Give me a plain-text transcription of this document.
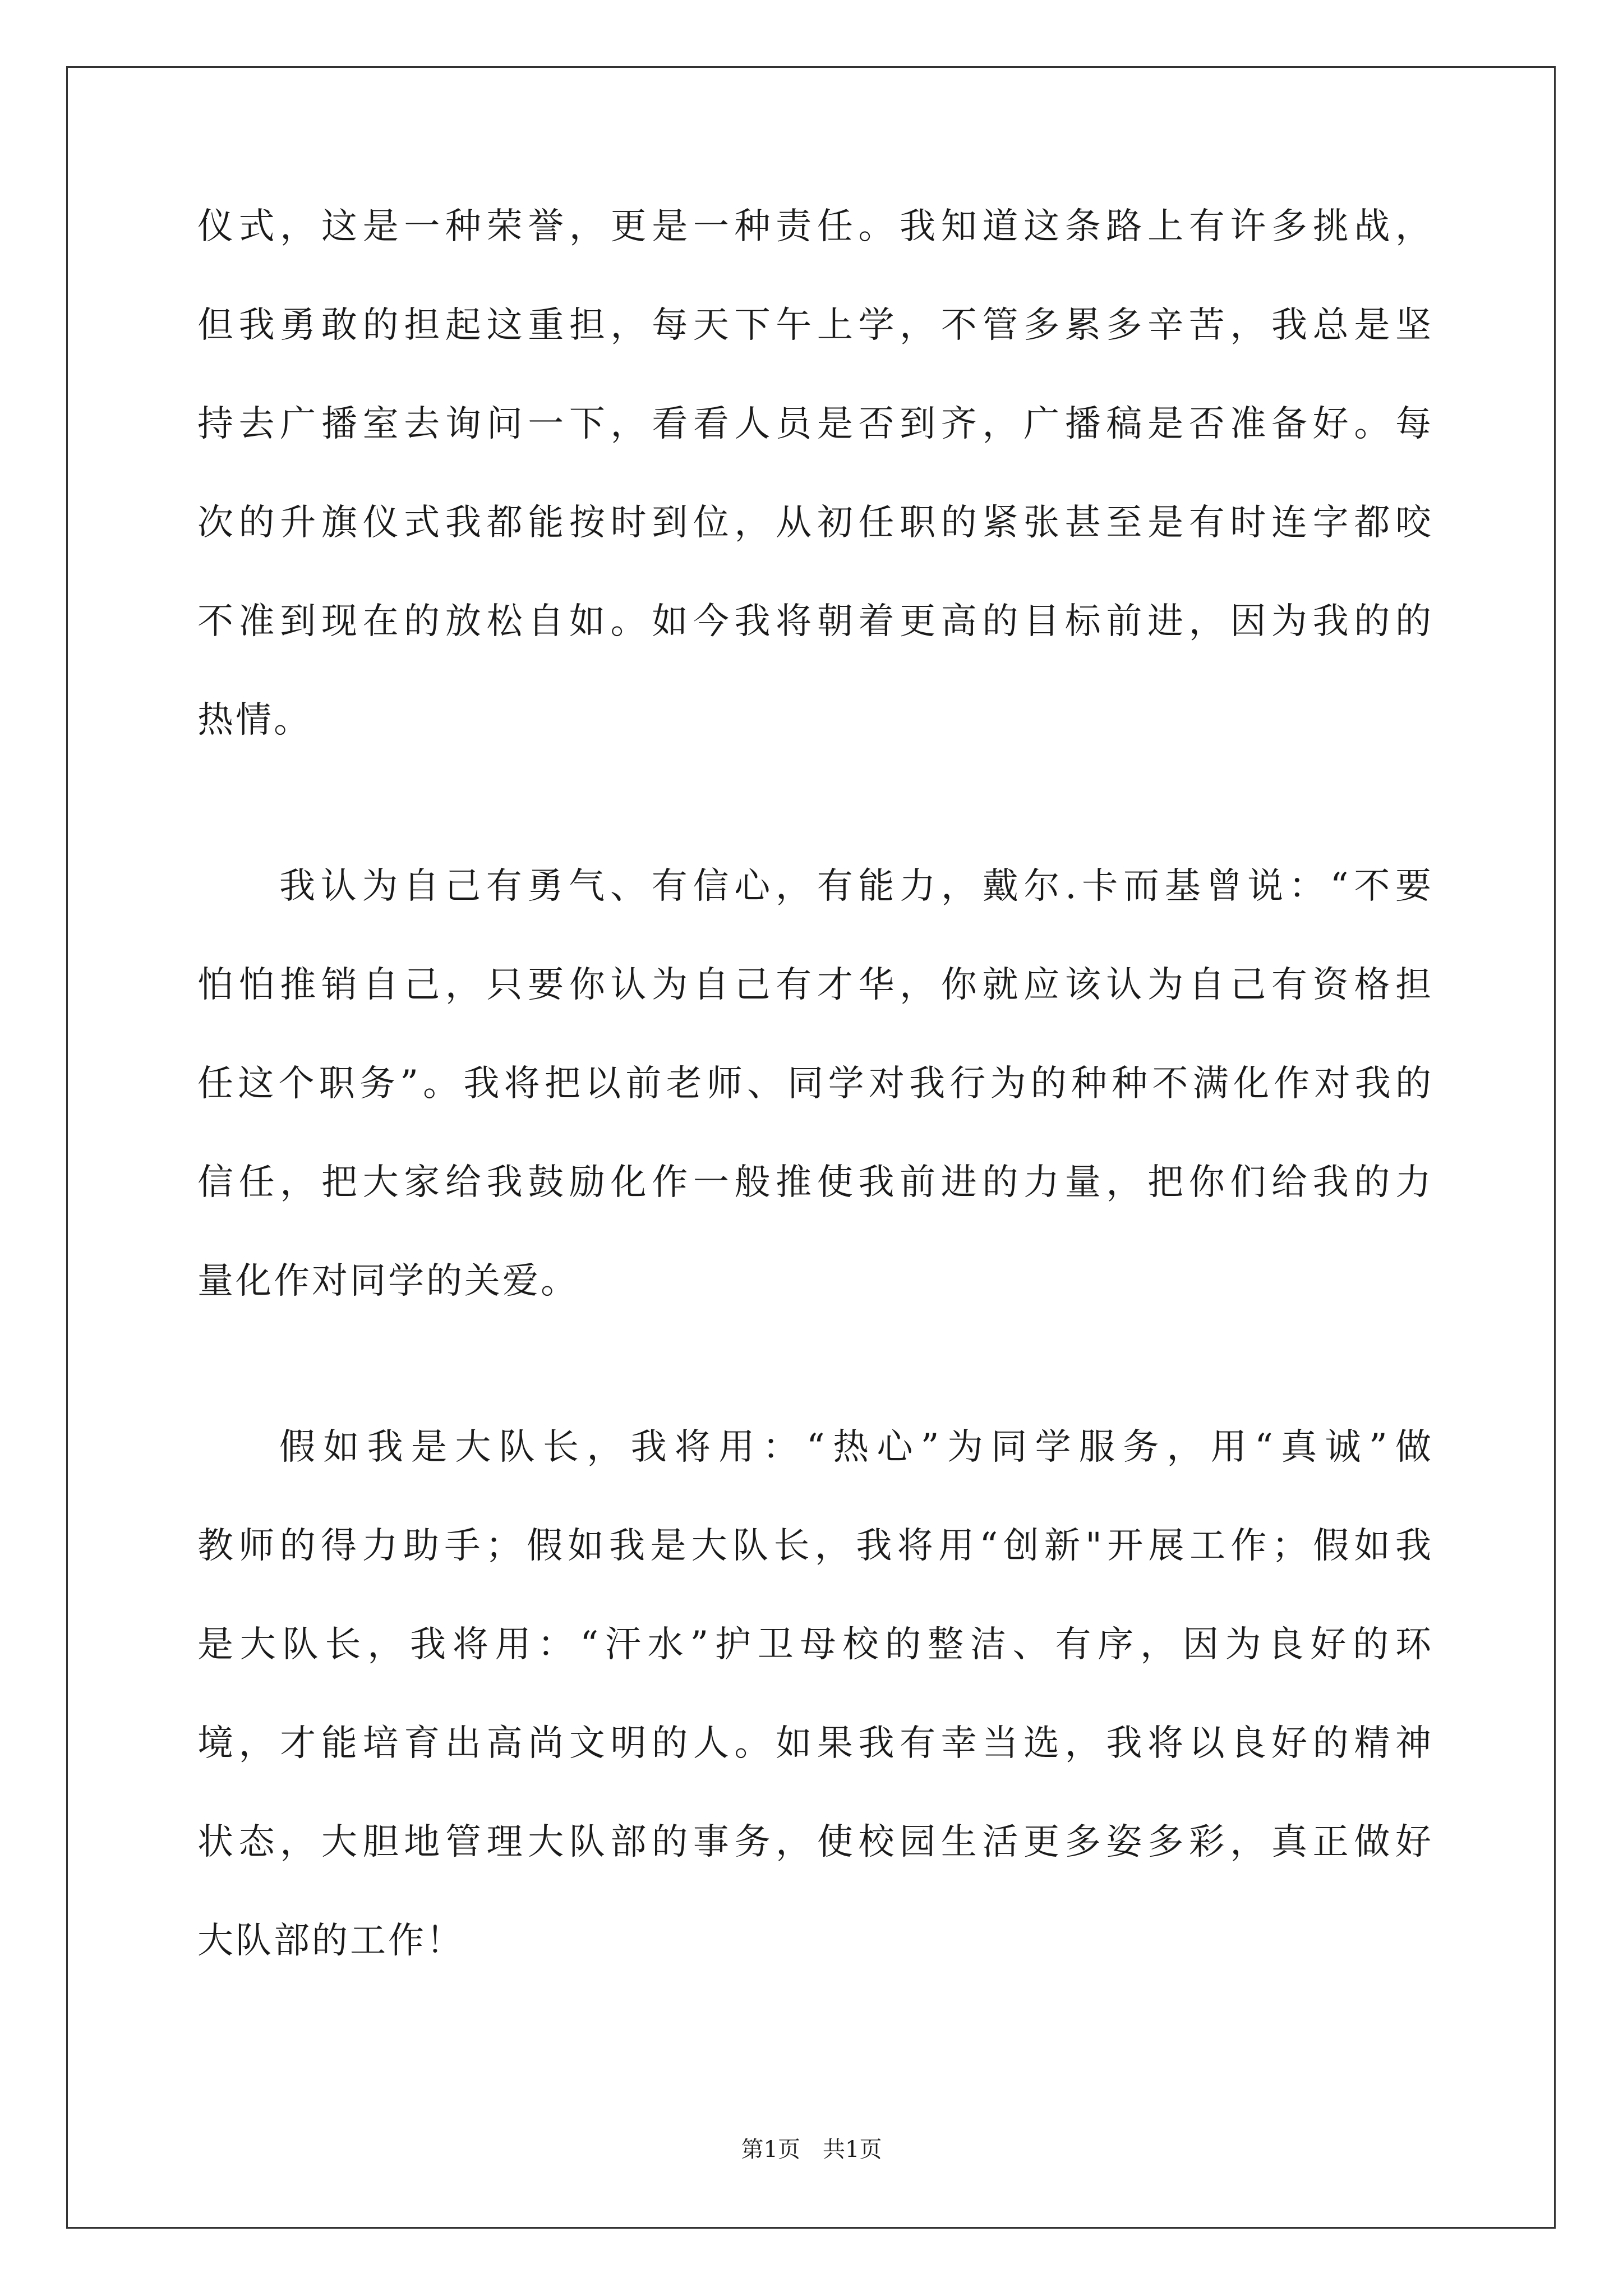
仪式，这是一种荣誉，更是一种责任。我知道这条路上有许多挑战，
但我勇敢的担起这重担，每天下午上学，不管多累多辛苦，我总是坚
持去广播室去询问一下，看看人员是否到齐，广播稿是否准备好。每
次的升旗仪式我都能按时到位，从初任职的紧张甚至是有时连字都咬
不准到现在的放松自如。如今我将朝着更高的目标前进，因为我的的
热情。
我认为自己有勇气、有信心，有能力，戴尔.卡而基曾说：“不要
怕怕推销自己，只要你认为自己有才华，你就应该认为自己有资格担
任这个职务”。我将把以前老师、同学对我行为的种种不满化作对我的
信任，把大家给我鼓励化作一般推使我前进的力量，把你们给我的力
量化作对同学的关爱。
假如我是大队长，我将用：“热心”为同学服务，用“真诚”做
教师的得力助手；假如我是大队长，我将用“创新"开展工作；假如我
是大队长，我将用：“汗水”护卫母校的整洁、有序，因为良好的环
境，才能培育出高尚文明的人。如果我有幸当选，我将以良好的精神
状态，大胆地管理大队部的事务，使校园生活更多姿多彩，真正做好
大队部的工作！
第1页　共1页
